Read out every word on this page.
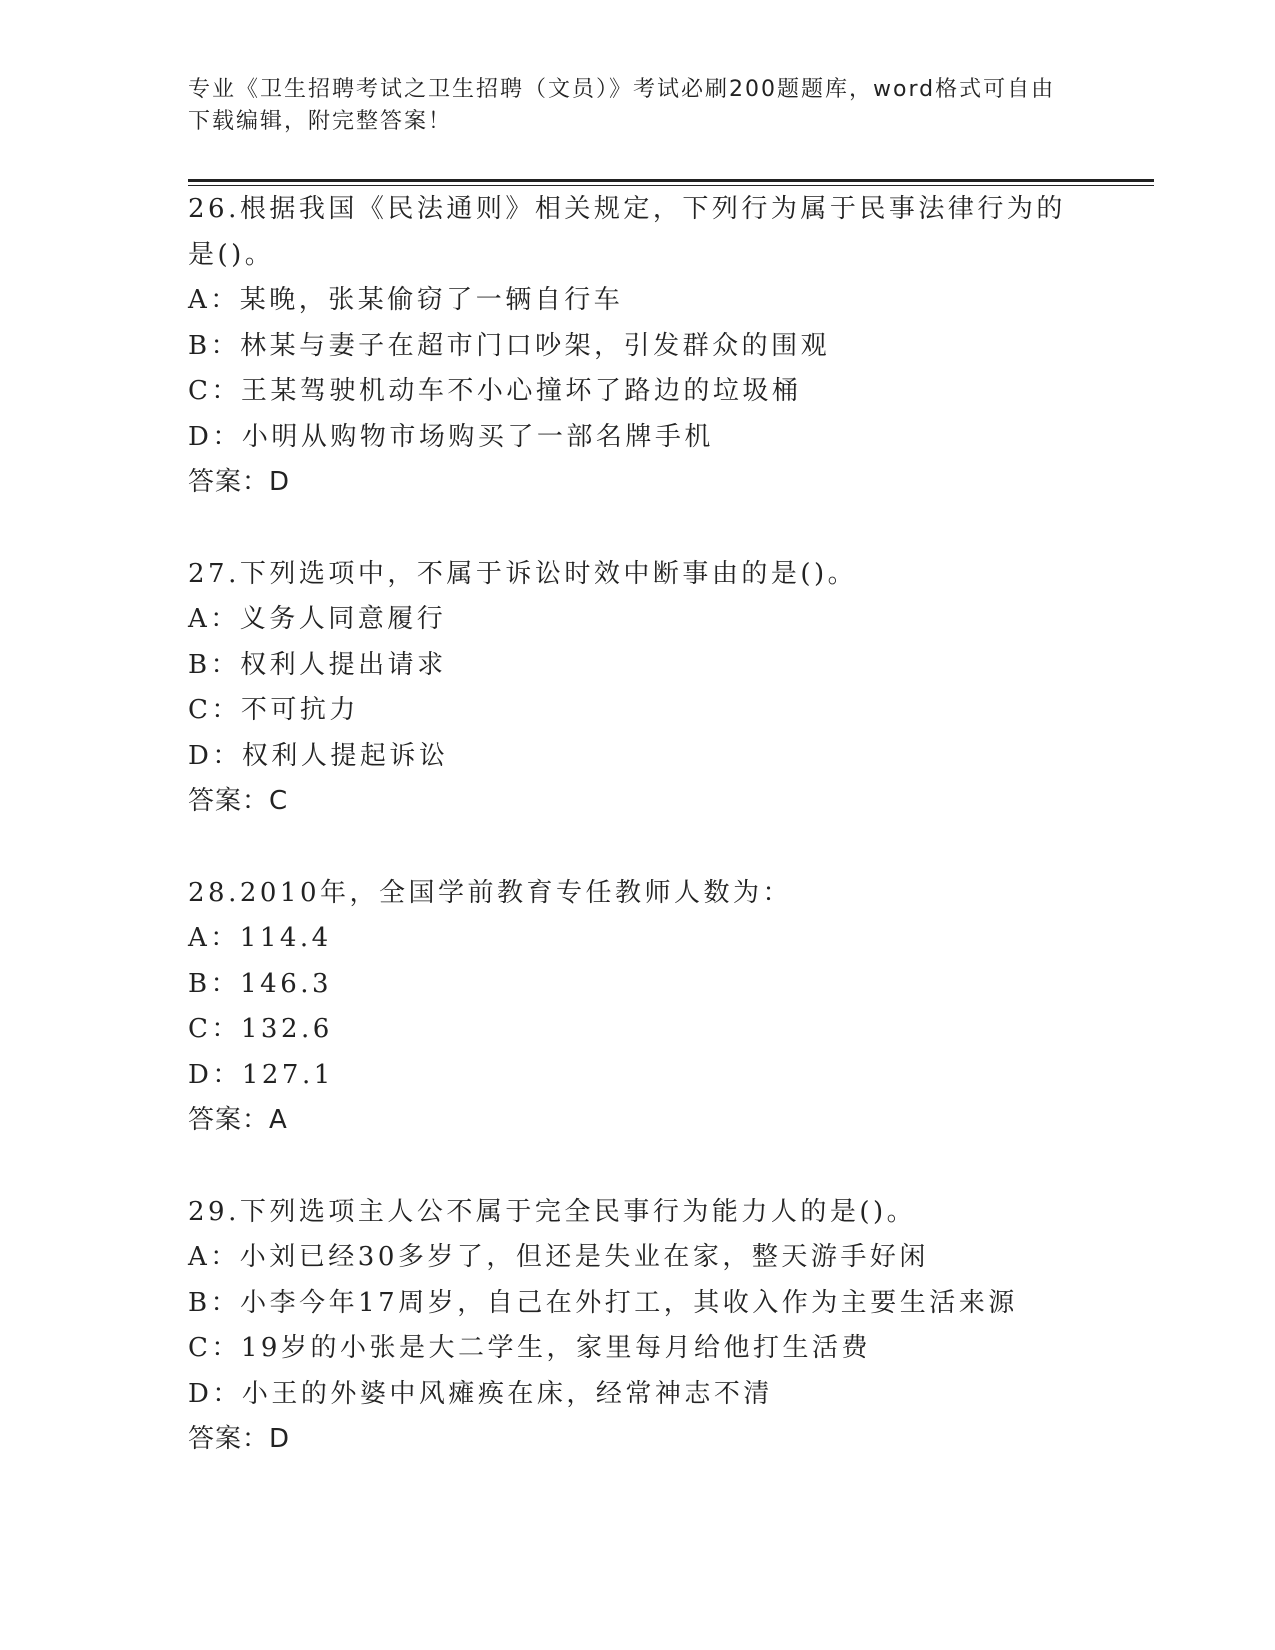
专业《卫生招聘考试之卫生招聘（文员）》考试必刷200题题库，word格式可自由下载编辑，附完整答案！
26.根据我国《民法通则》相关规定，下列行为属于民事法律行为的是()。
A：某晚，张某偷窃了一辆自行车
B：林某与妻子在超市门口吵架，引发群众的围观
C：王某驾驶机动车不小心撞坏了路边的垃圾桶
D：小明从购物市场购买了一部名牌手机
答案：D
27.下列选项中，不属于诉讼时效中断事由的是()。
A：义务人同意履行
B：权利人提出请求
C：不可抗力
D：权利人提起诉讼
答案：C
28.2010年，全国学前教育专任教师人数为：
A：114.4
B：146.3
C：132.6
D：127.1
答案：A
29.下列选项主人公不属于完全民事行为能力人的是()。
A：小刘已经30多岁了，但还是失业在家，整天游手好闲
B：小李今年17周岁，自己在外打工，其收入作为主要生活来源
C：19岁的小张是大二学生，家里每月给他打生活费
D：小王的外婆中风瘫痪在床，经常神志不清
答案：D
